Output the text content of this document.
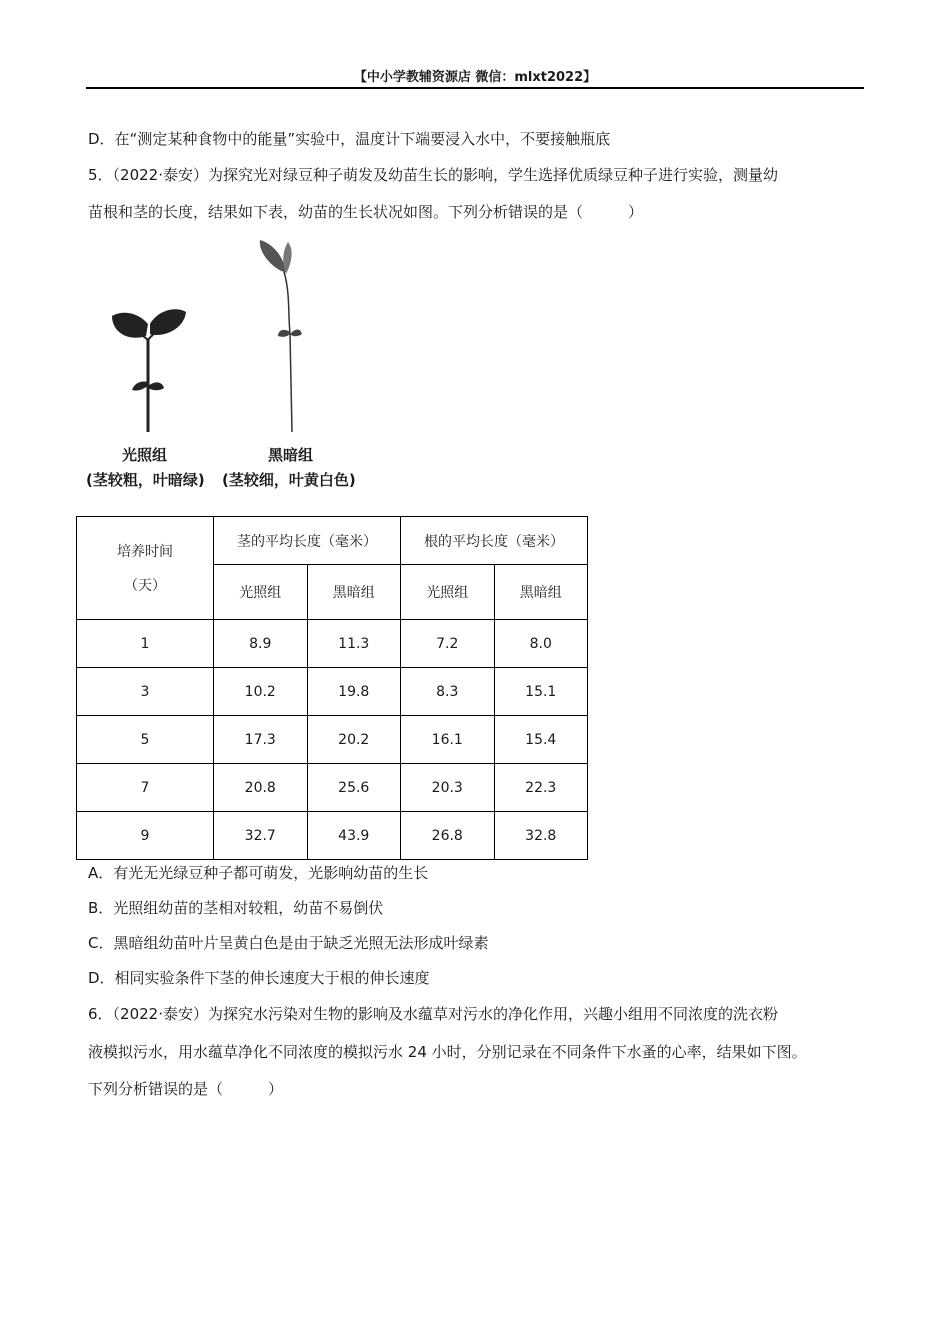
【中小学教辅资源店 微信：mlxt2022】
D．在“测定某种食物中的能量”实验中，温度计下端要浸入水中，不要接触瓶底
5．（2022·泰安）为探究光对绿豆种子萌发及幼苗生长的影响，学生选择优质绿豆种子进行实验，测量幼
苗根和茎的长度，结果如下表，幼苗的生长状况如图。下列分析错误的是（　　　）
光照组
(茎较粗，叶暗绿)
黑暗组
(茎较细，叶黄白色)
培养时间
（天）	茎的平均长度（毫米）		根的平均长度（毫米）	
	光照组	黑暗组	光照组	黑暗组
1	8.9	11.3	7.2	8.0
3	10.2	19.8	8.3	15.1
5	17.3	20.2	16.1	15.4
7	20.8	25.6	20.3	22.3
9	32.7	43.9	26.8	32.8
A．有光无光绿豆种子都可萌发，光影响幼苗的生长
B．光照组幼苗的茎相对较粗，幼苗不易倒伏
C．黑暗组幼苗叶片呈黄白色是由于缺乏光照无法形成叶绿素
D．相同实验条件下茎的伸长速度大于根的伸长速度
6．（2022·泰安）为探究水污染对生物的影响及水蕴草对污水的净化作用，兴趣小组用不同浓度的洗衣粉
液模拟污水，用水蕴草净化不同浓度的模拟污水 24 小时，分别记录在不同条件下水蚤的心率，结果如下图。
下列分析错误的是（　　　）
